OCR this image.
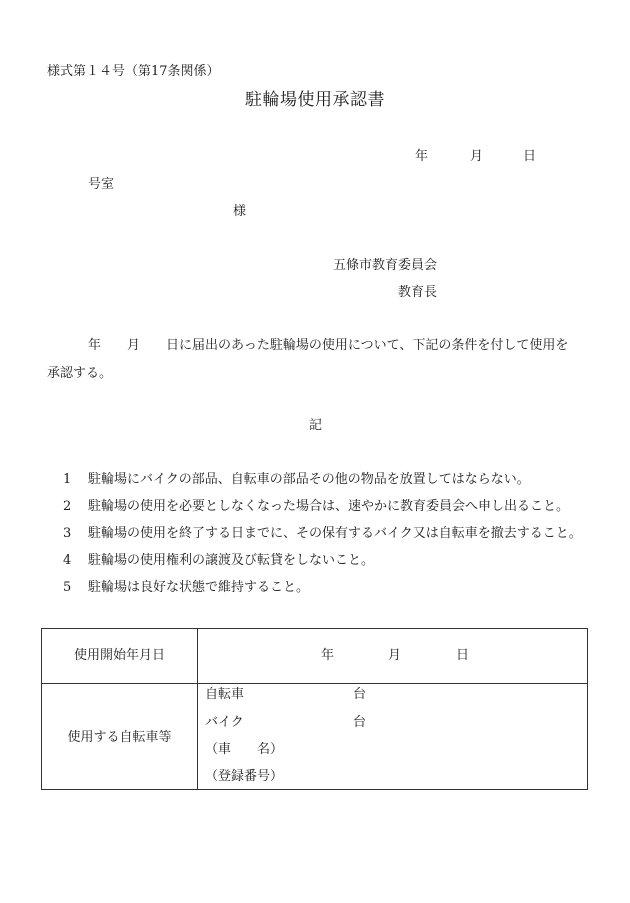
様式第１４号（第17条関係）
駐輪場使用承認書
年	月	日
号室
様
五條市教育委員会
教育長
年　　月　　日に届出のあった駐輪場の使用について、下記の条件を付して使用を
承認する。
記
1 駐輪場にバイクの部品、自転車の部品その他の物品を放置してはならない。
2 駐輪場の使用を必要としなくなった場合は、速やかに教育委員会へ申し出ること。
3 駐輪場の使用を終了する日までに、その保有するバイク又は自転車を撤去すること。
4 駐輪場の使用権利の譲渡及び転貸をしないこと。
5 駐輪場は良好な状態で維持すること。
使用開始年月日	年	月	日
使用する自転車等
自転車	台
バイク	台
（車　　名）
（登録番号）
